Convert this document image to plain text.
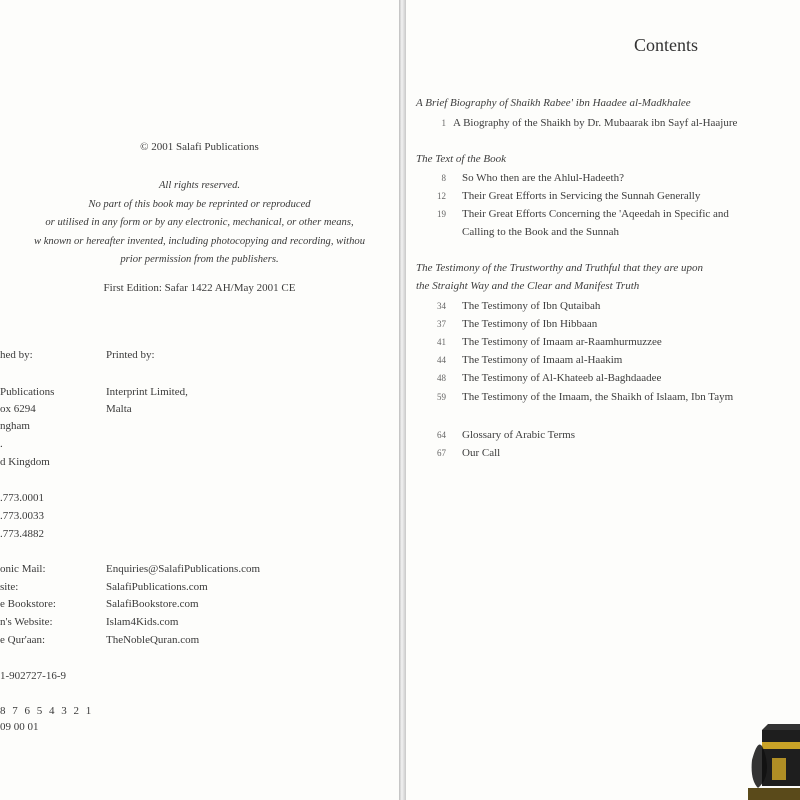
© 2001 Salafi Publications
All rights reserved.
No part of this book may be reprinted or reproduced
or utilised in any form or by any electronic, mechanical, or other means,
w known or hereafter invented, including photocopying and recording, withou
prior permission from the publishers.
First Edition: Safar 1422 AH/May 2001 CE
hed by:	Printed by:
Publications
ox 6294
ngham
.
d Kingdom
Interprint Limited,
Malta
.773.0001
.773.0033
.773.4882
onic Mail:
site:
e Bookstore:
n's Website:
e Qur'aan:
Enquiries@SalafiPublications.com
SalafiPublications.com
SalafiBookstore.com
Islam4Kids.com
TheNobleQuran.com
1-902727-16-9
8 7 6 5 4 3 2 1
09 00 01
Contents
A Brief Biography of Shaikh Rabee' ibn Haadee al-Madkhalee
1 A Biography of the Shaikh by Dr. Mubaarak ibn Sayf al-Haajure
The Text of the Book
8 So Who then are the Ahlul-Hadeeth?
12 Their Great Efforts in Servicing the Sunnah Generally
19 Their Great Efforts Concerning the 'Aqeedah in Specific and
Calling to the Book and the Sunnah
The Testimony of the Trustworthy and Truthful that they are upon
the Straight Way and the Clear and Manifest Truth
34 The Testimony of Ibn Qutaibah
37 The Testimony of Ibn Hibbaan
41 The Testimony of Imaam ar-Raamhurmuzzee
44 The Testimony of Imaam al-Haakim
48 The Testimony of Al-Khateeb al-Baghdaadee
59 The Testimony of the Imaam, the Shaikh of Islaam, Ibn Taym
64 Glossary of Arabic Terms
67 Our Call
